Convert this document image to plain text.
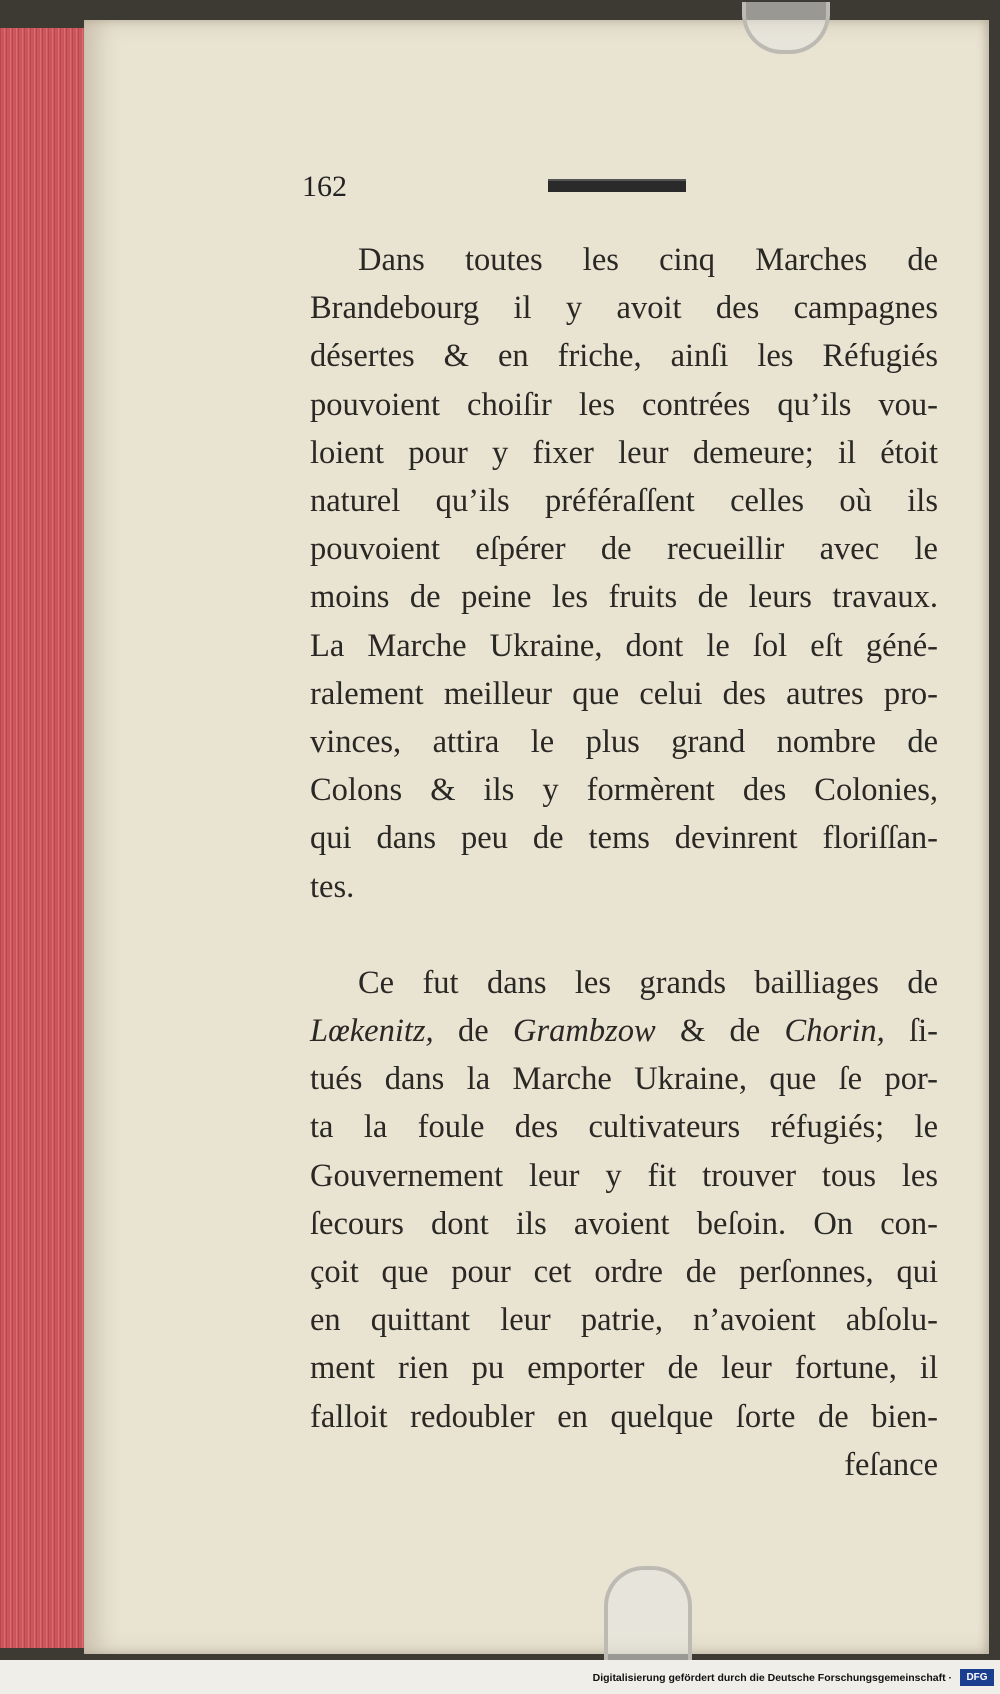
162
Dans toutes les cinq Marches de
Brandebourg il y avoit des campagnes
désertes & en friche, ainſi les Réfugiés
pouvoient choiſir les contrées qu’ils vou-
loient pour y fixer leur demeure; il étoit
naturel qu’ils préféraſſent celles où ils
pouvoient eſpérer de recueillir avec le
moins de peine les fruits de leurs travaux.
La Marche Ukraine, dont le ſol eſt géné-
ralement meilleur que celui des autres pro-
vinces, attira le plus grand nombre de
Colons & ils y formèrent des Colonies,
qui dans peu de tems devinrent floriſſan-
tes.
Ce fut dans les grands bailliages de
Lœkenitz, de Grambzow & de Chorin, ſi-
tués dans la Marche Ukraine, que ſe por-
ta la foule des cultivateurs réfugiés; le
Gouvernement leur y fit trouver tous les
ſecours dont ils avoient beſoin. On con-
çoit que pour cet ordre de perſonnes, qui
en quittant leur patrie, n’avoient abſolu-
ment rien pu emporter de leur fortune, il
falloit redoubler en quelque ſorte de bien-
feſance
Digitalisierung gefördert durch die Deutsche Forschungsgemeinschaft ·	DFG
